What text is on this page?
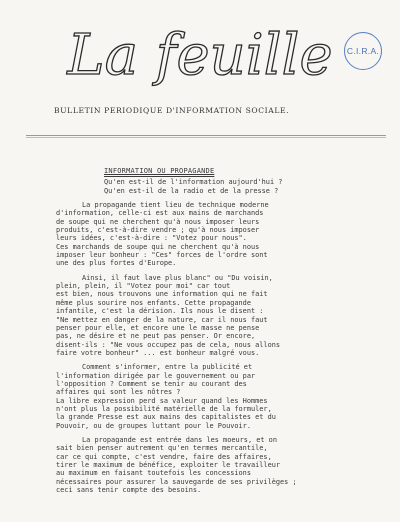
La feuille	C.I.R.A.
BULLETIN PERIODIQUE D'INFORMATION SOCIALE.
INFORMATION OU PROPAGANDE
Qu'en est-il de l'information aujourd'hui ?
Qu'en est-il de la radio et de la presse ?
La propagande tient lieu de technique moderne
d'information, celle-ci est aux mains de marchands
de soupe qui ne cherchent qu'à nous imposer leurs
produits, c'est-à-dire vendre ; qu'à nous imposer
leurs idées, c'est-à-dire : "Votez pour nous".
Ces marchands de soupe qui ne cherchent qu'à nous
imposer leur bonheur : "Ces" forces de l'ordre sont
une des plus fortes d'Europe.
Ainsi, il faut lave plus blanc" ou "Du voisin,
plein, plein, il "Votez pour moi" car tout
est bien, nous trouvons une information qui ne fait
même plus sourire nos enfants. Cette propagande
infantile, c'est la dérision. Ils nous le disent :
"Ne mettez en danger de la nature, car il nous faut
penser pour elle, et encore une le masse ne pense
pas, ne désire et ne peut pas penser. Or encore,
disent-ils : "Ne vous occupez pas de cela, nous allons
faire votre bonheur" ... est bonheur malgré vous.
Comment s'informer, entre la publicité et
l'information dirigée par le gouvernement ou par
l'opposition ? Comment se tenir au courant des
affaires qui sont les nôtres ?
La libre expression perd sa valeur quand les Hommes
n'ont plus la possibilité matérielle de la formuler,
la grande Presse est aux mains des capitalistes et du
Pouvoir, ou de groupes luttant pour le Pouvoir.
La propagande est entrée dans les moeurs, et on
sait bien penser autrement qu'en termes mercantile,
car ce qui compte, c'est vendre, faire des affaires,
tirer le maximum de bénéfice, exploiter le travailleur
au maximum en faisant toutefois les concessions
nécessaires pour assurer la sauvegarde de ses privilèges ;
ceci sans tenir compte des besoins.
